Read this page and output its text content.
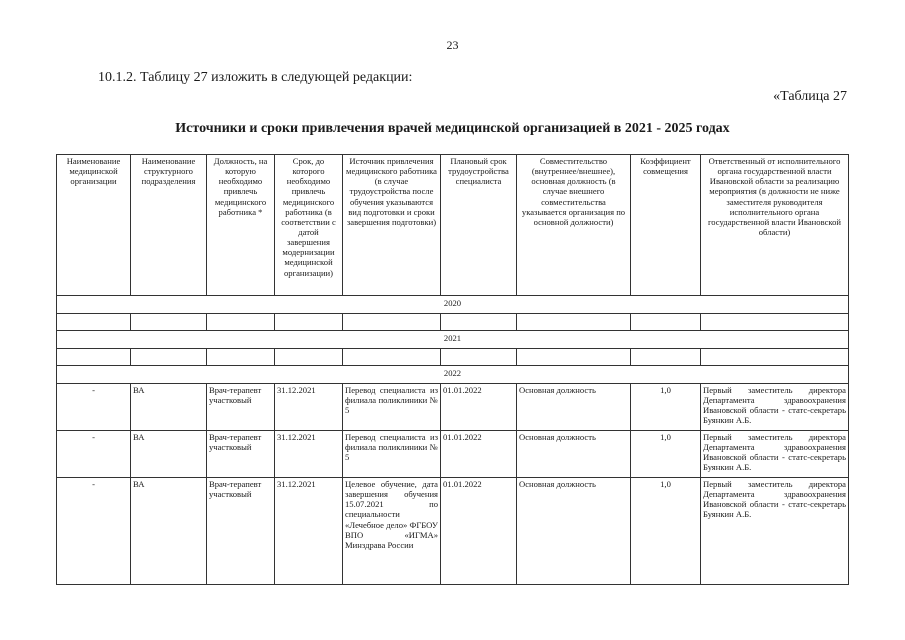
23
10.1.2. Таблицу 27 изложить в следующей редакции:
«Таблица 27
Источники и сроки привлечения врачей медицинской организацией в 2021 - 2025 годах
Наименование медицинской организации	Наименование структурного подразделения	Должность, на которую необходимо привлечь медицинского работника *	Срок, до которого необходимо привлечь медицинского работника (в соответствии с датой завершения модернизации медицинской организации)	Источник привлечения медицинского работника (в случае трудоустройства после обучения указываются вид подготовки и сроки завершения подготовки)	Плановый срок трудоустройства специалиста	Совместительство (внутреннее/внешнее), основная должность (в случае внешнего совместительства указывается организация по основной должности)	Коэффициент совмещения	Ответственный от исполнительного органа государственной власти Ивановской области за реализацию мероприятия (в должности не ниже заместителя руководителя исполнительного органа государственной власти Ивановской области)
2020								

2021								

2022								
-	ВА	Врач-терапевт участковый	31.12.2021	Перевод специалиста из филиала поликлиники № 5	01.01.2022	Основная должность	1,0	Первый заместитель директора Департамента здравоохранения Ивановской области - статс-секретарь Буянкин А.Б.
-	ВА	Врач-терапевт участковый	31.12.2021	Перевод специалиста из филиала поликлиники № 5	01.01.2022	Основная должность	1,0	Первый заместитель директора Департамента здравоохранения Ивановской области - статс-секретарь Буянкин А.Б.
-	ВА	Врач-терапевт участковый	31.12.2021	Целевое обучение, дата завершения обучения 15.07.2021 по специальности «Лечебное дело» ФГБОУ ВПО «ИГМА» Минздрава России	01.01.2022	Основная должность	1,0	Первый заместитель директора Департамента здравоохранения Ивановской области - статс-секретарь Буянкин А.Б.
